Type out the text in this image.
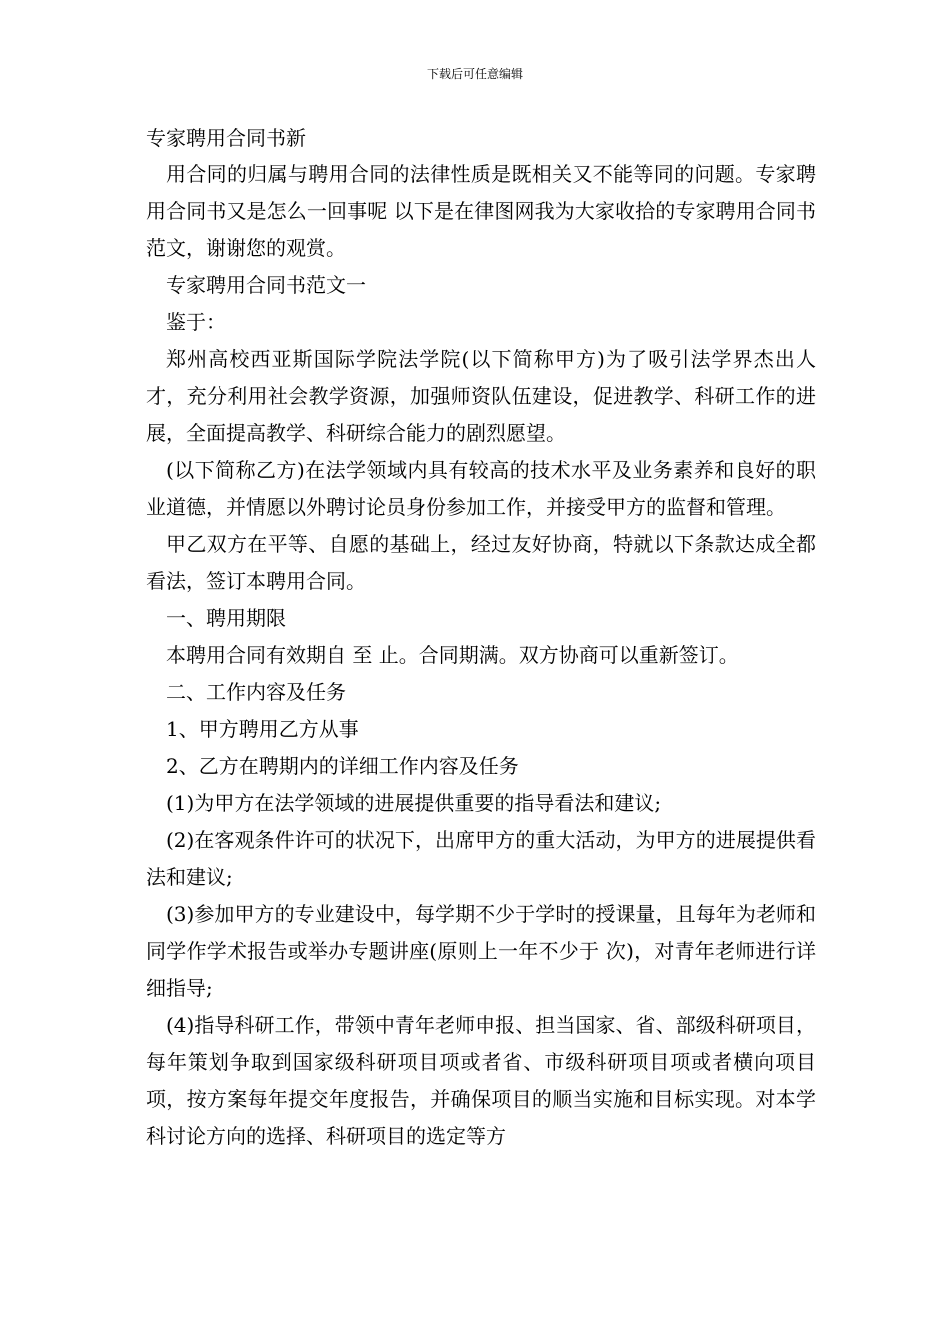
下载后可任意编辑
专家聘用合同书新

用合同的归属与聘用合同的法律性质是既相关又不能等同的问题。专家聘用合同书又是怎么一回事呢 以下是在律图网我为大家收拾的专家聘用合同书范文，谢谢您的观赏。

专家聘用合同书范文一

鉴于：

郑州高校西亚斯国际学院法学院(以下简称甲方)为了吸引法学界杰出人才，充分利用社会教学资源，加强师资队伍建设，促进教学、科研工作的进展，全面提高教学、科研综合能力的剧烈愿望。

(以下简称乙方)在法学领域内具有较高的技术水平及业务素养和良好的职业道德，并情愿以外聘讨论员身份参加工作，并接受甲方的监督和管理。

甲乙双方在平等、自愿的基础上，经过友好协商，特就以下条款达成全都看法，签订本聘用合同。

一、聘用期限

本聘用合同有效期自 至 止。合同期满。双方协商可以重新签订。

二、工作内容及任务

1、甲方聘用乙方从事

2、乙方在聘期内的详细工作内容及任务

(1)为甲方在法学领域的进展提供重要的指导看法和建议;

(2)在客观条件许可的状况下，出席甲方的重大活动，为甲方的进展提供看法和建议;

(3)参加甲方的专业建设中，每学期不少于学时的授课量，且每年为老师和同学作学术报告或举办专题讲座(原则上一年不少于 次)，对青年老师进行详细指导;

(4)指导科研工作，带领中青年老师申报、担当国家、省、部级科研项目，每年策划争取到国家级科研项目项或者省、市级科研项目项或者横向项目 项，按方案每年提交年度报告，并确保项目的顺当实施和目标实现。对本学科讨论方向的选择、科研项目的选定等方
